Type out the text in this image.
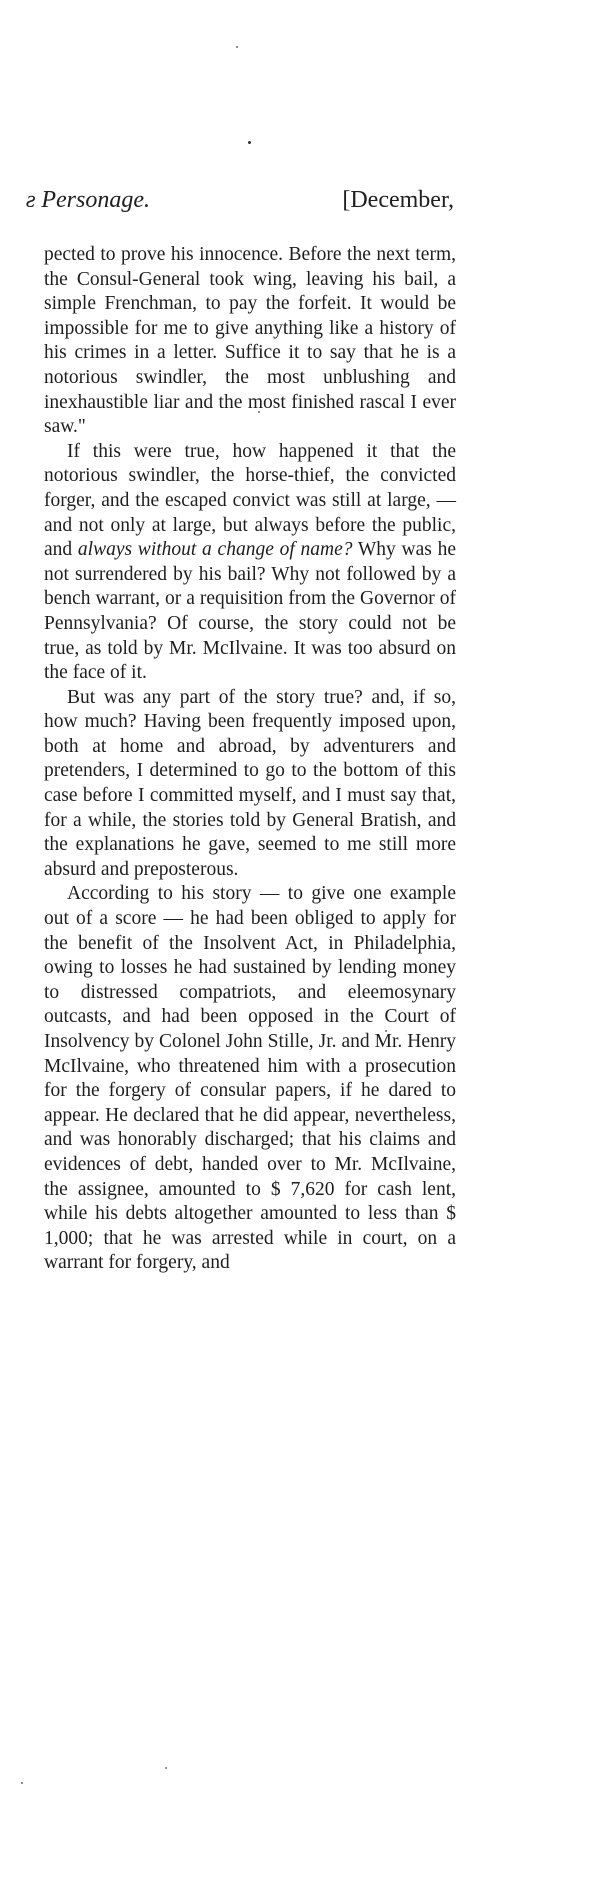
ƨ Personage.	[December,

pected to prove his innocence. Before the next term, the Consul-General took wing, leaving his bail, a simple Frenchman, to pay the forfeit. It would be impossible for me to give anything like a history of his crimes in a letter. Suffice it to say that he is a notorious swindler, the most unblushing and inexhaustible liar and the most finished rascal I ever saw."

If this were true, how happened it that the notorious swindler, the horse-thief, the convicted forger, and the escaped convict was still at large, — and not only at large, but always before the public, and always without a change of name? Why was he not surrendered by his bail? Why not followed by a bench warrant, or a requisition from the Governor of Pennsylvania? Of course, the story could not be true, as told by Mr. McIlvaine. It was too absurd on the face of it.

But was any part of the story true? and, if so, how much? Having been frequently imposed upon, both at home and abroad, by adventurers and pretenders, I determined to go to the bottom of this case before I committed myself, and I must say that, for a while, the stories told by General Bratish, and the explanations he gave, seemed to me still more absurd and preposterous.

According to his story — to give one example out of a score — he had been obliged to apply for the benefit of the Insolvent Act, in Philadelphia, owing to losses he had sustained by lending money to distressed compatriots, and eleemosynary outcasts, and had been opposed in the Court of Insolvency by Colonel John Stille, Jr. and Mr. Henry McIlvaine, who threatened him with a prosecution for the forgery of consular papers, if he dared to appear. He declared that he did appear, nevertheless, and was honorably discharged; that his claims and evidences of debt, handed over to Mr. McIlvaine, the assignee, amounted to $ 7,620 for cash lent, while his debts altogether amounted to less than $ 1,000; that he was arrested while in court, on a warrant for forgery, and
